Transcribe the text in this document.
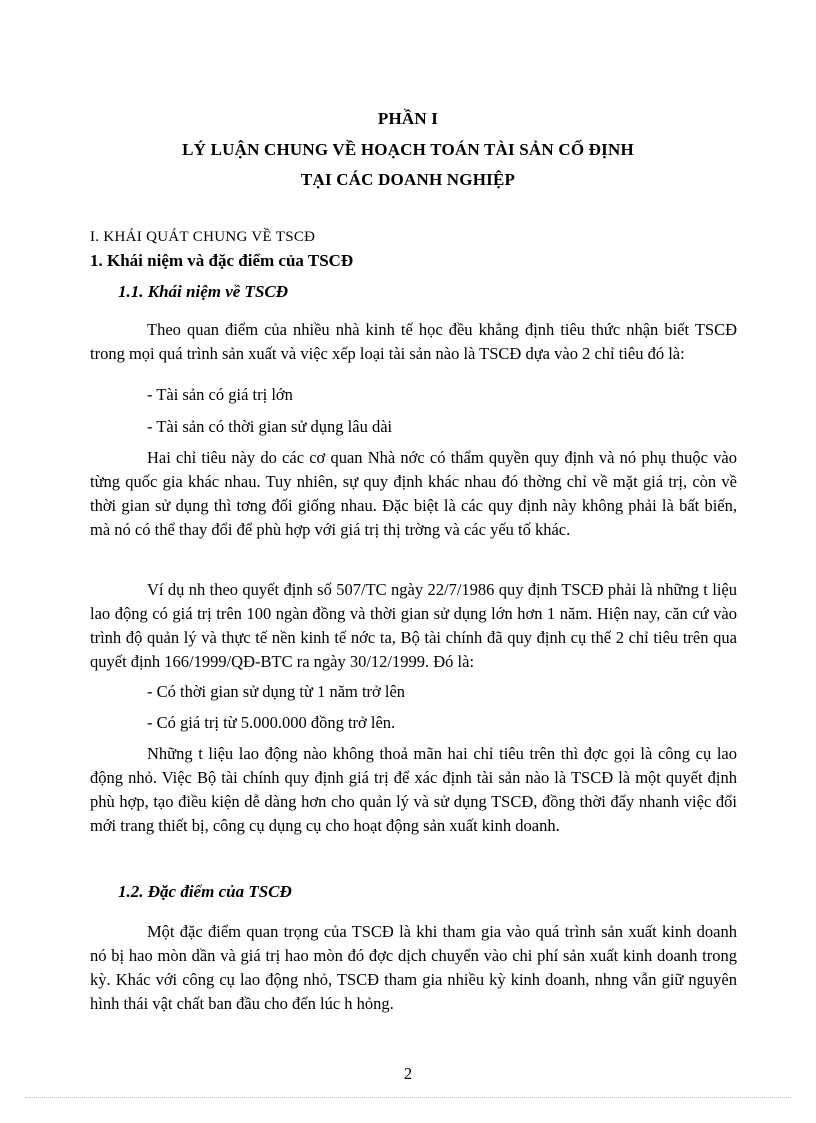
PHẦN I
LÝ LUẬN CHUNG VỀ HOẠCH TOÁN TÀI SẢN CỐ ĐỊNH
TẠI CÁC DOANH NGHIỆP
I. KHÁI QUÁT CHUNG VỀ TSCĐ
1. Khái niệm và đặc điểm của TSCĐ
1.1. Khái niệm về TSCĐ

Theo quan điểm của nhiều nhà kinh tế học đều khẳng định tiêu thức nhận biết TSCĐ trong mọi quá trình sản xuất và việc xếp loại tài sản nào là TSCĐ dựa vào 2 chỉ tiêu đó là:

- Tài sản có giá trị lớn
- Tài sản có thời gian sử dụng lâu dài

Hai chỉ tiêu này do các cơ quan Nhà nớc có thẩm quyền quy định và nó phụ thuộc vào từng quốc gia khác nhau. Tuy nhiên, sự quy định khác nhau đó thờng chỉ về mặt giá trị, còn về thời gian sử dụng thì tơng đối giống nhau. Đặc biệt là các quy định này không phải là bất biến, mà nó có thể thay đổi để phù hợp với giá trị thị trờng và các yếu tố khác.

Ví dụ nh theo quyết định số 507/TC ngày 22/7/1986 quy định TSCĐ phải là những t liệu lao động có giá trị trên 100 ngàn đồng và thời gian sử dụng lớn hơn 1 năm. Hiện nay, căn cứ vào trình độ quản lý và thực tế nền kinh tế nớc ta, Bộ tài chính đã quy định cụ thể 2 chỉ tiêu trên qua quyết định 166/1999/QĐ-BTC ra ngày 30/12/1999. Đó là:

- Có thời gian sử dụng từ 1 năm trở lên
- Có giá trị từ 5.000.000 đồng trở lên.

Những t liệu lao động nào không thoả mãn hai chỉ tiêu trên thì đợc gọi là công cụ lao động nhỏ. Việc Bộ tài chính quy định giá trị để xác định tài sản nào là TSCĐ là một quyết định phù hợp, tạo điều kiện dễ dàng hơn cho quản lý và sử dụng TSCĐ, đồng thời đẩy nhanh việc đổi mới trang thiết bị, công cụ dụng cụ cho hoạt động sản xuất kinh doanh.

1.2. Đặc điểm của TSCĐ

Một đặc điểm quan trọng của TSCĐ là khi tham gia vào quá trình sản xuất kinh doanh nó bị hao mòn dần và giá trị hao mòn đó đợc dịch chuyển vào chi phí sản xuất kinh doanh trong kỳ. Khác với công cụ lao động nhỏ, TSCĐ tham gia nhiều kỳ kinh doanh, nhng vẫn giữ nguyên hình thái vật chất ban đầu cho đến lúc h hỏng.

2
